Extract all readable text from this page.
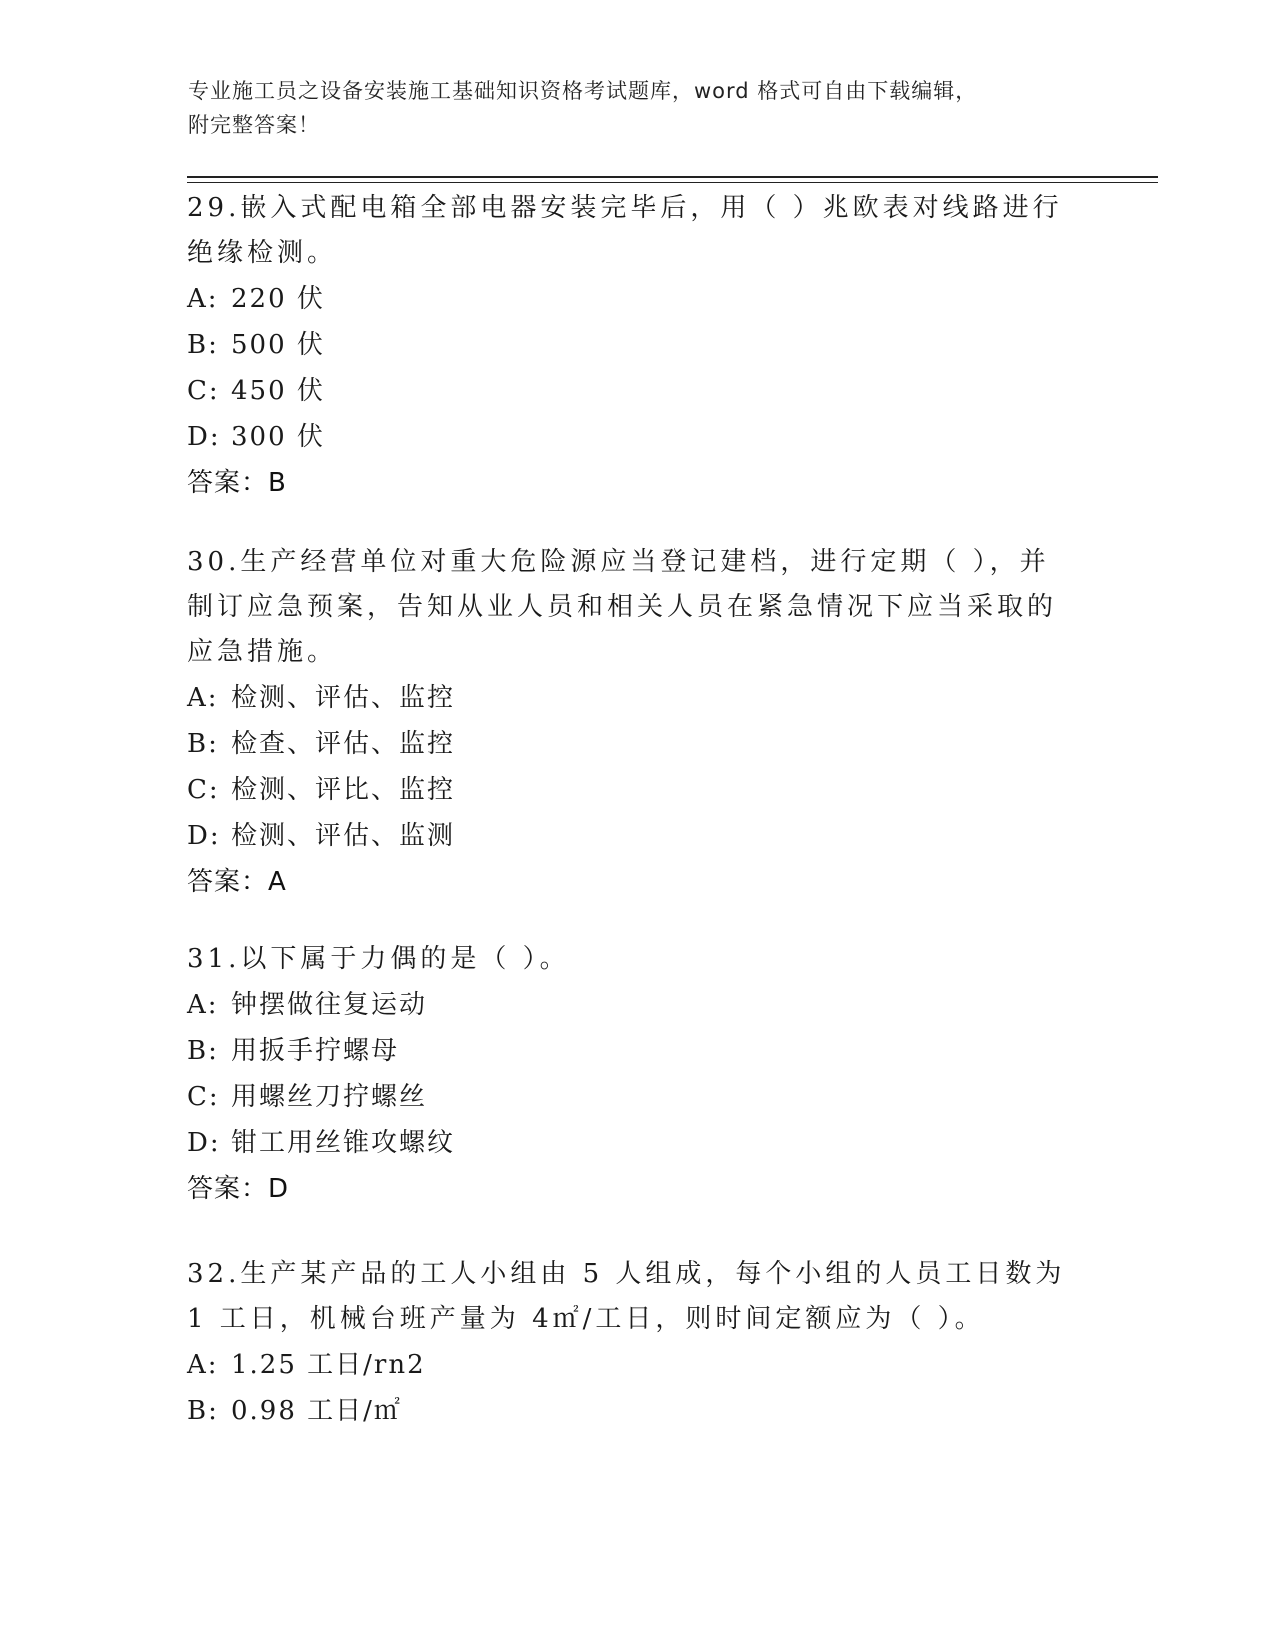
专业施工员之设备安装施工基础知识资格考试题库，word 格式可自由下载编辑，
附完整答案！

29.嵌入式配电箱全部电器安装完毕后，用（ ）兆欧表对线路进行绝缘检测。

A: 220 伏
B: 500 伏
C: 450 伏
D: 300 伏
答案：B

30.生产经营单位对重大危险源应当登记建档，进行定期（ ），并制订应急预案，告知从业人员和相关人员在紧急情况下应当采取的应急措施。

A: 检测、评估、监控
B: 检查、评估、监控
C: 检测、评比、监控
D: 检测、评估、监测
答案：A

31.以下属于力偶的是（ ）。

A: 钟摆做往复运动
B: 用扳手拧螺母
C: 用螺丝刀拧螺丝
D: 钳工用丝锥攻螺纹
答案：D

32.生产某产品的工人小组由 5 人组成，每个小组的人员工日数为 1 工日，机械台班产量为 4㎡/工日，则时间定额应为（ ）。

A: 1.25 工日/rn2
B: 0.98 工日/㎡
